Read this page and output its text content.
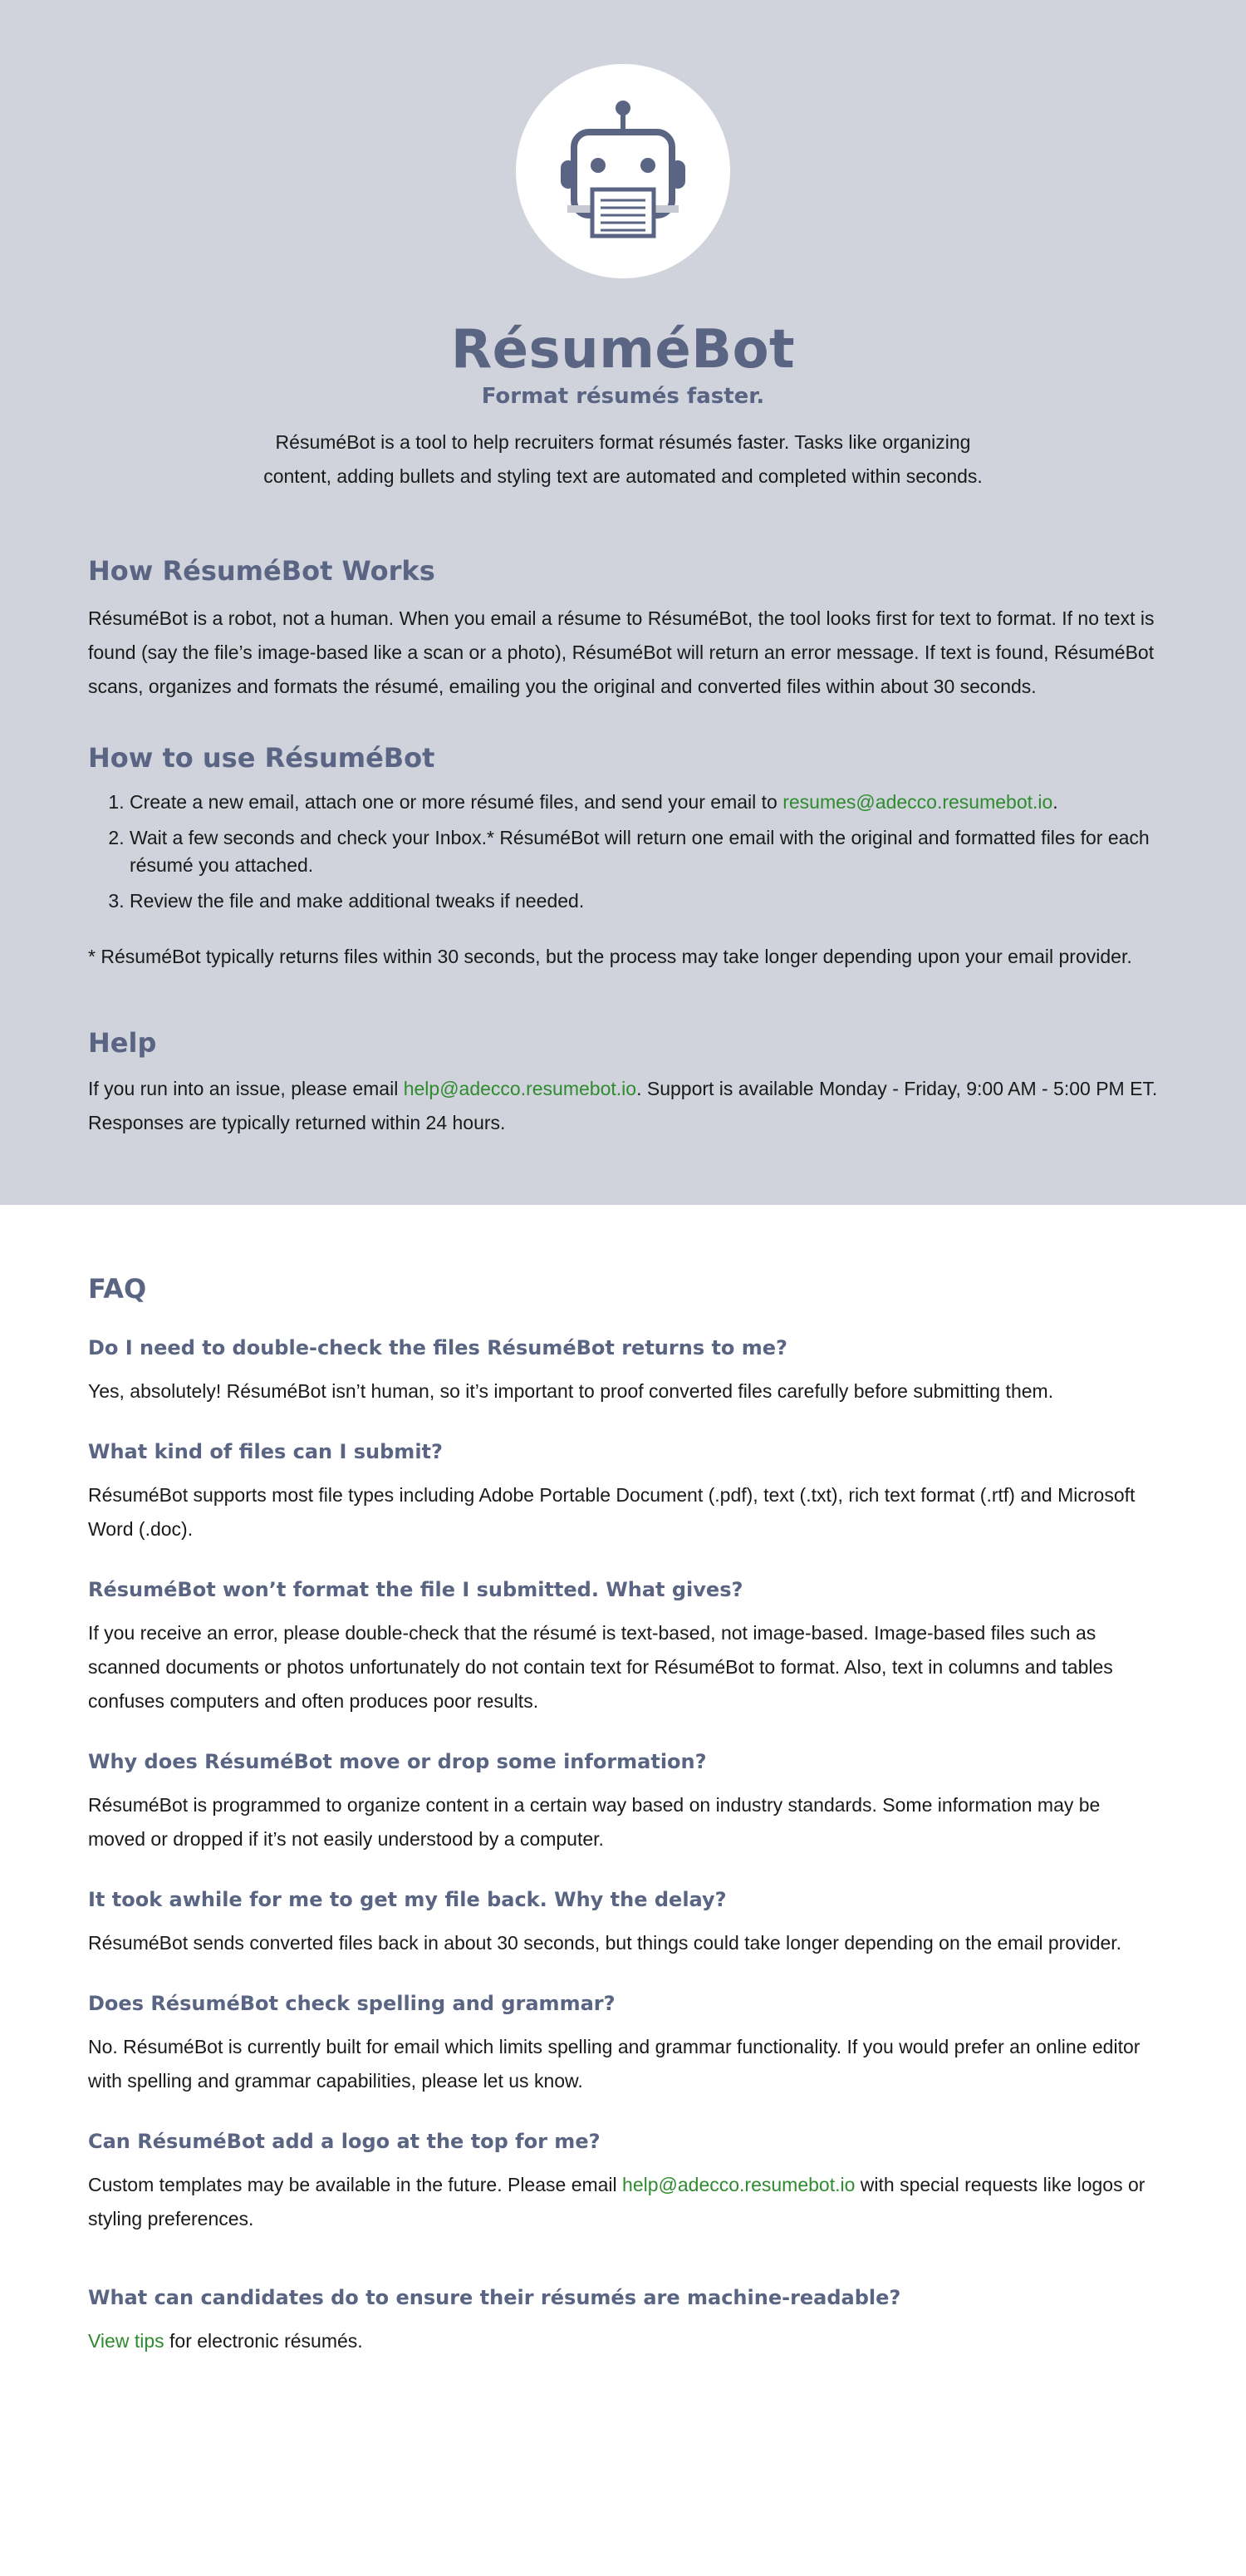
RésuméBot
Format résumés faster.

RésuméBot is a tool to help recruiters format résumés faster. Tasks like organizing content, adding bullets and styling text are automated and completed within seconds.

How RésuméBot Works

RésuméBot is a robot, not a human. When you email a résume to RésuméBot, the tool looks first for text to format. If no text is found (say the file’s image-based like a scan or a photo), RésuméBot will return an error message. If text is found, RésuméBot scans, organizes and formats the résumé, emailing you the original and converted files within about 30 seconds.

How to use RésuméBot
1. Create a new email, attach one or more résumé files, and send your email to resumes@adecco.resumebot.io.
2. Wait a few seconds and check your Inbox.* RésuméBot will return one email with the original and formatted files for each résumé you attached.
3. Review the file and make additional tweaks if needed.

* RésuméBot typically returns files within 30 seconds, but the process may take longer depending upon your email provider.

Help

If you run into an issue, please email help@adecco.resumebot.io. Support is available Monday - Friday, 9:00 AM - 5:00 PM ET. Responses are typically returned within 24 hours.

FAQ
Do I need to double-check the files RésuméBot returns to me?

Yes, absolutely! RésuméBot isn’t human, so it’s important to proof converted files carefully before submitting them.

What kind of files can I submit?

RésuméBot supports most file types including Adobe Portable Document (.pdf), text (.txt), rich text format (.rtf) and Microsoft Word (.doc).

RésuméBot won’t format the file I submitted. What gives?

If you receive an error, please double-check that the résumé is text-based, not image-based. Image-based files such as scanned documents or photos unfortunately do not contain text for RésuméBot to format. Also, text in columns and tables confuses computers and often produces poor results.

Why does RésuméBot move or drop some information?

RésuméBot is programmed to organize content in a certain way based on industry standards. Some information may be moved or dropped if it’s not easily understood by a computer.

It took awhile for me to get my file back. Why the delay?

RésuméBot sends converted files back in about 30 seconds, but things could take longer depending on the email provider.

Does RésuméBot check spelling and grammar?

No. RésuméBot is currently built for email which limits spelling and grammar functionality. If you would prefer an online editor with spelling and grammar capabilities, please let us know.

Can RésuméBot add a logo at the top for me?

Custom templates may be available in the future. Please email help@adecco.resumebot.io with special requests like logos or styling preferences.

What can candidates do to ensure their résumés are machine-readable?

View tips for electronic résumés.
